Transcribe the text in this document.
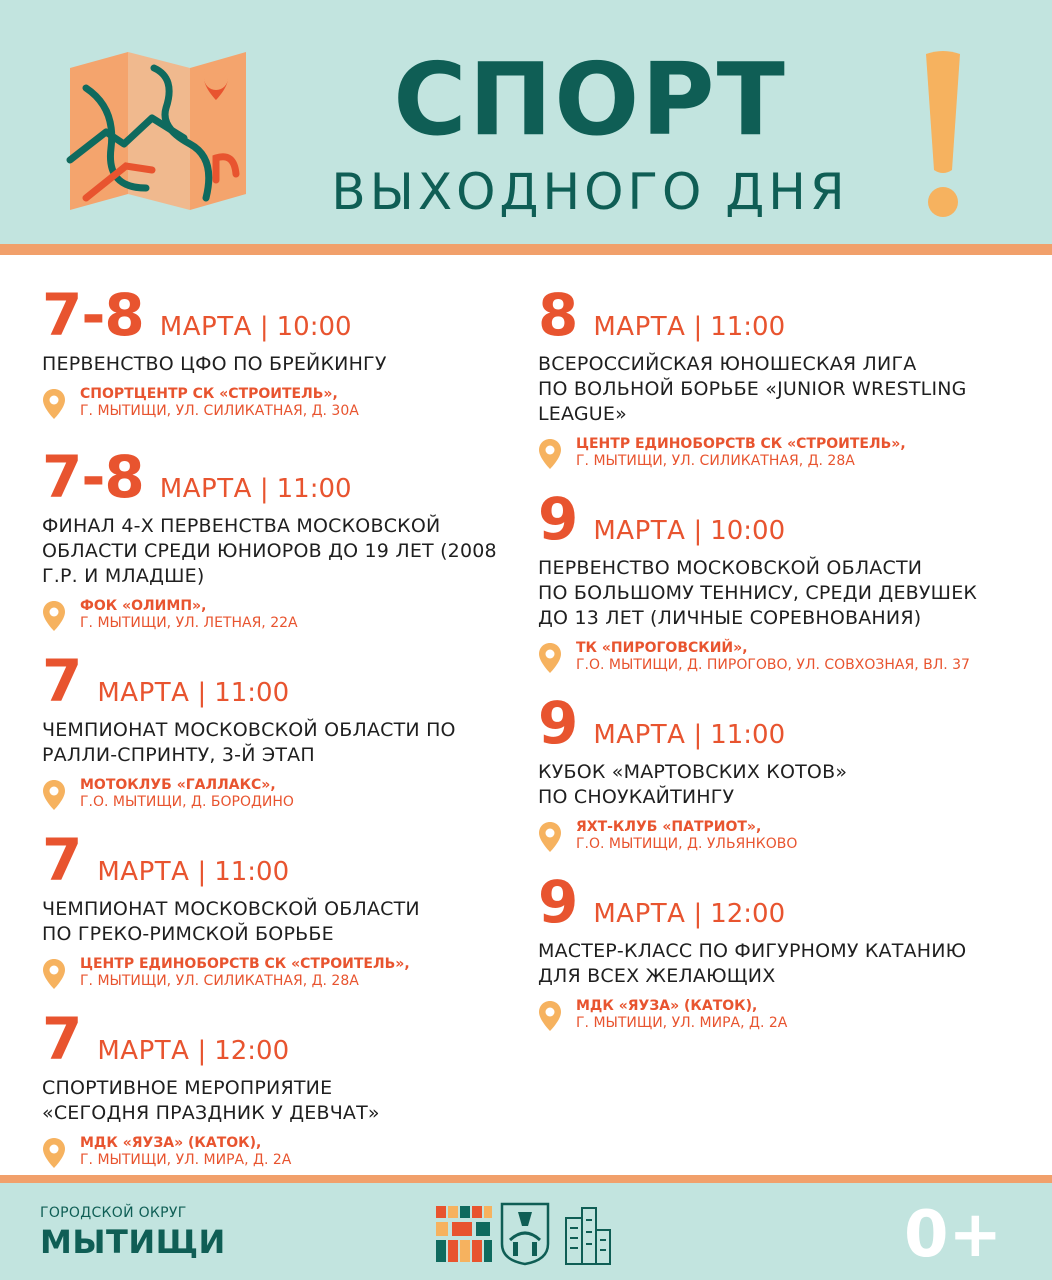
СПОРТ
ВЫХОДНОГО ДНЯ
7-8 МАРТА | 10:00
ПЕРВЕНСТВО ЦФО ПО БРЕЙКИНГУ
СПОРТЦЕНТР СК «СТРОИТЕЛЬ»,
Г. МЫТИЩИ, УЛ. СИЛИКАТНАЯ, Д. 30А
7-8 МАРТА | 11:00
ФИНАЛ 4-Х ПЕРВЕНСТВА МОСКОВСКОЙ
ОБЛАСТИ СРЕДИ ЮНИОРОВ ДО 19 ЛЕТ (2008
Г.Р. И МЛАДШЕ)
ФОК «ОЛИМП»,
Г. МЫТИЩИ, УЛ. ЛЕТНАЯ, 22А
7 МАРТА | 11:00
ЧЕМПИОНАТ МОСКОВСКОЙ ОБЛАСТИ ПО
РАЛЛИ-СПРИНТУ, 3-Й ЭТАП
МОТОКЛУБ «ГАЛЛАКС»,
Г.О. МЫТИЩИ, Д. БОРОДИНО
7 МАРТА | 11:00
ЧЕМПИОНАТ МОСКОВСКОЙ ОБЛАСТИ
ПО ГРЕКО-РИМСКОЙ БОРЬБЕ
ЦЕНТР ЕДИНОБОРСТВ СК «СТРОИТЕЛЬ»,
Г. МЫТИЩИ, УЛ. СИЛИКАТНАЯ, Д. 28А
7 МАРТА | 12:00
СПОРТИВНОЕ МЕРОПРИЯТИЕ
«СЕГОДНЯ ПРАЗДНИК У ДЕВЧАТ»
МДК «ЯУЗА» (КАТОК),
Г. МЫТИЩИ, УЛ. МИРА, Д. 2А
8 МАРТА | 11:00
ВСЕРОССИЙСКАЯ ЮНОШЕСКАЯ ЛИГА
ПО ВОЛЬНОЙ БОРЬБЕ «JUNIOR WRESTLING
LEAGUE»
ЦЕНТР ЕДИНОБОРСТВ СК «СТРОИТЕЛЬ»,
Г. МЫТИЩИ, УЛ. СИЛИКАТНАЯ, Д. 28А
9 МАРТА | 10:00
ПЕРВЕНСТВО МОСКОВСКОЙ ОБЛАСТИ
ПО БОЛЬШОМУ ТЕННИСУ, СРЕДИ ДЕВУШЕК
ДО 13 ЛЕТ (ЛИЧНЫЕ СОРЕВНОВАНИЯ)
ТК «ПИРОГОВСКИЙ»,
Г.О. МЫТИЩИ, Д. ПИРОГОВО, УЛ. СОВХОЗНАЯ, ВЛ. 37
9 МАРТА | 11:00
КУБОК «МАРТОВСКИХ КОТОВ»
ПО СНОУКАЙТИНГУ
ЯХТ-КЛУБ «ПАТРИОТ»,
Г.О. МЫТИЩИ, Д. УЛЬЯНКОВО
9 МАРТА | 12:00
МАСТЕР-КЛАСС ПО ФИГУРНОМУ КАТАНИЮ
ДЛЯ ВСЕХ ЖЕЛАЮЩИХ
МДК «ЯУЗА» (КАТОК),
Г. МЫТИЩИ, УЛ. МИРА, Д. 2А
ГОРОДСКОЙ ОКРУГ
МЫТИЩИ	0+
